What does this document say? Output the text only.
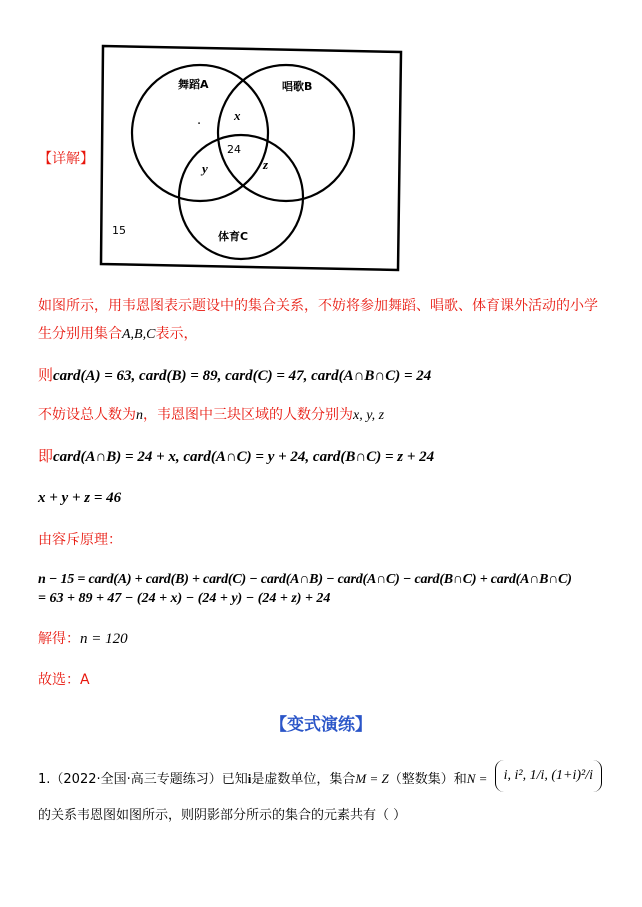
【详解】
舞蹈A	唱歌B
体育C
x
y	z
24
.
15
如图所示，用韦恩图表示题设中的集合关系，不妨将参加舞蹈、唱歌、体育课外活动的小学
生分别用集合A,B,C表示，
则card(A) = 63, card(B) = 89, card(C) = 47, card(A∩B∩C) = 24
不妨设总人数为n，韦恩图中三块区域的人数分别为x, y, z
即card(A∩B) = 24 + x, card(A∩C) = y + 24, card(B∩C) = z + 24
x + y + z = 46
由容斥原理：
n − 15 = card(A) + card(B) + card(C) − card(A∩B) − card(A∩C) − card(B∩C) + card(A∩B∩C)
= 63 + 89 + 47 − (24 + x) − (24 + y) − (24 + z) + 24
解得：n = 120
故选：A
【变式演练】
1.（2022·全国·高三专题练习）已知i是虚数单位，集合M = Z（整数集）和N = i, i², 1/i, (1+i)²/i
的关系韦恩图如图所示，则阴影部分所示的集合的元素共有（ ）
